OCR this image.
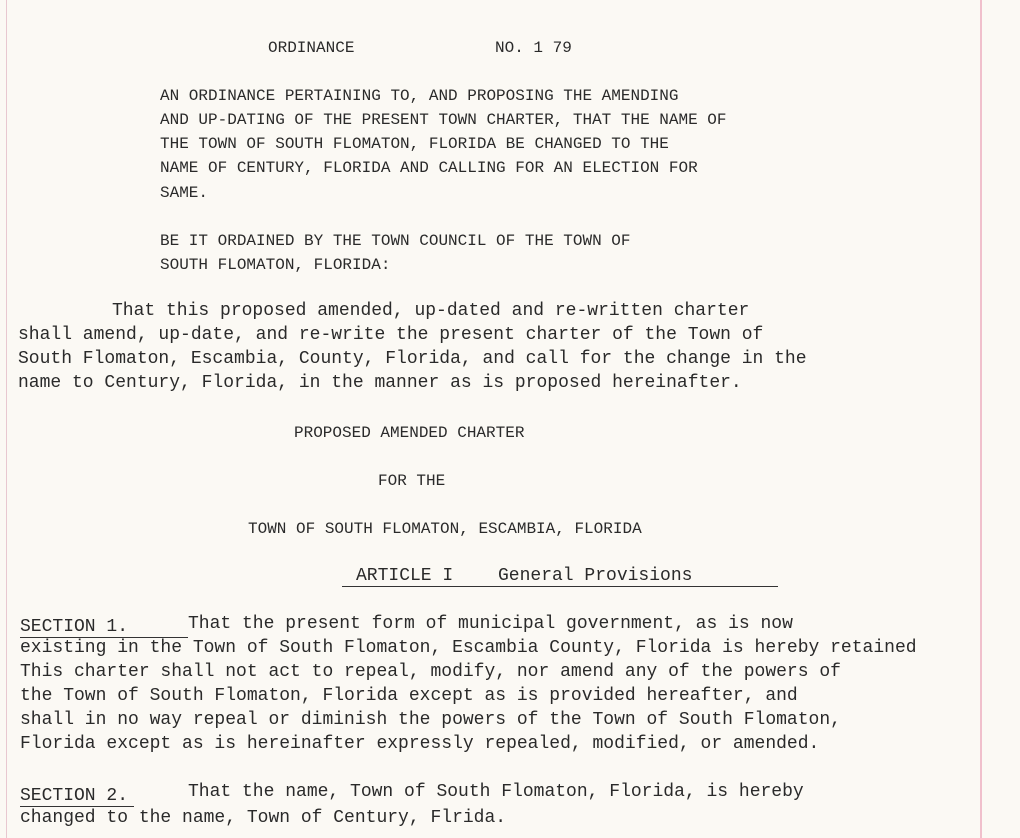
ORDINANCE	NO. 1 79
AN ORDINANCE PERTAINING TO, AND PROPOSING THE AMENDING
AND UP-DATING OF THE PRESENT TOWN CHARTER, THAT THE NAME OF
THE TOWN OF SOUTH FLOMATON, FLORIDA BE CHANGED TO THE
NAME OF CENTURY, FLORIDA AND CALLING FOR AN ELECTION FOR
SAME.
BE IT ORDAINED BY THE TOWN COUNCIL OF THE TOWN OF
SOUTH FLOMATON, FLORIDA:
That this proposed amended, up-dated and re-written charter
shall amend, up-date, and re-write the present charter of the Town of
South Flomaton, Escambia, County, Florida, and call for the change in the
name to Century, Florida, in the manner as is proposed hereinafter.
PROPOSED AMENDED CHARTER
FOR THE
TOWN OF SOUTH FLOMATON, ESCAMBIA, FLORIDA
ARTICLE I General Provisions
SECTION 1.	That the present form of municipal government, as is now
existing in the Town of South Flomaton, Escambia County, Florida is hereby retained
This charter shall not act to repeal, modify, nor amend any of the powers of
the Town of South Flomaton, Florida except as is provided hereafter, and
shall in no way repeal or diminish the powers of the Town of South Flomaton,
Florida except as is hereinafter expressly repealed, modified, or amended.
SECTION 2.	That the name, Town of South Flomaton, Florida, is hereby
changed to the name, Town of Century, Flrida.
